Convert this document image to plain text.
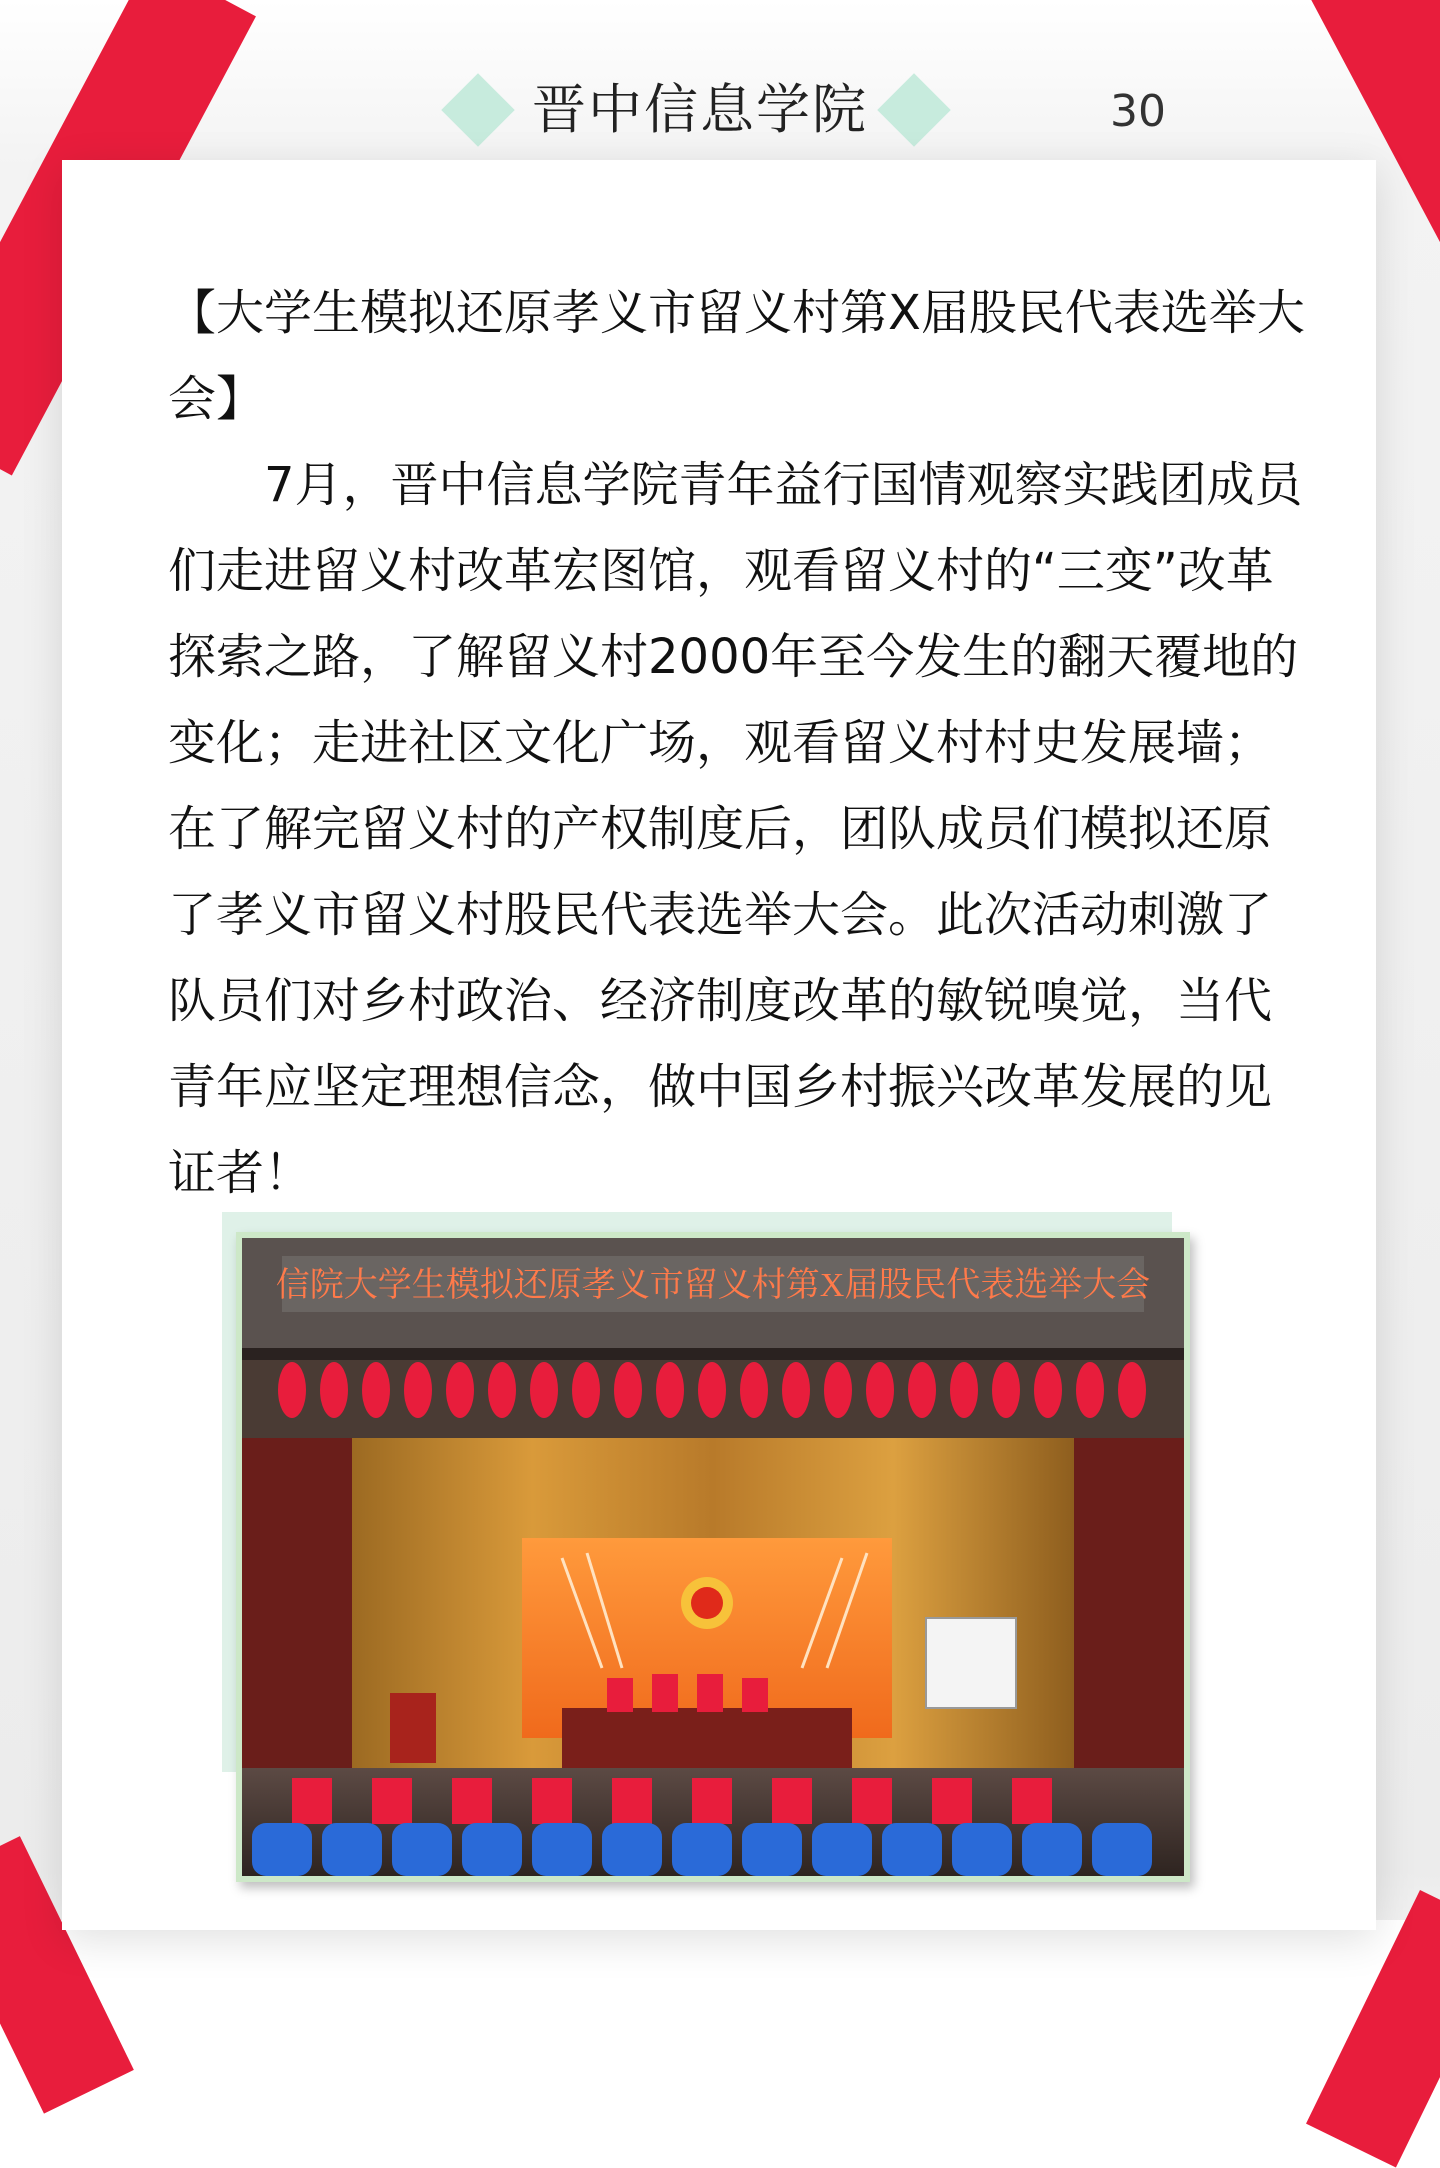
晋中信息学院	30
【大学生模拟还原孝义市留义村第X届股民代表选举大会】

7月，晋中信息学院青年益行国情观察实践团成员们走进留义村改革宏图馆，观看留义村的“三变”改革探索之路，了解留义村2000年至今发生的翻天覆地的变化；走进社区文化广场，观看留义村村史发展墙；在了解完留义村的产权制度后，团队成员们模拟还原了孝义市留义村股民代表选举大会。此次活动刺激了队员们对乡村政治、经济制度改革的敏锐嗅觉，当代青年应坚定理想信念，做中国乡村振兴改革发展的见证者！

信院大学生模拟还原孝义市留义村第X届股民代表选举大会
